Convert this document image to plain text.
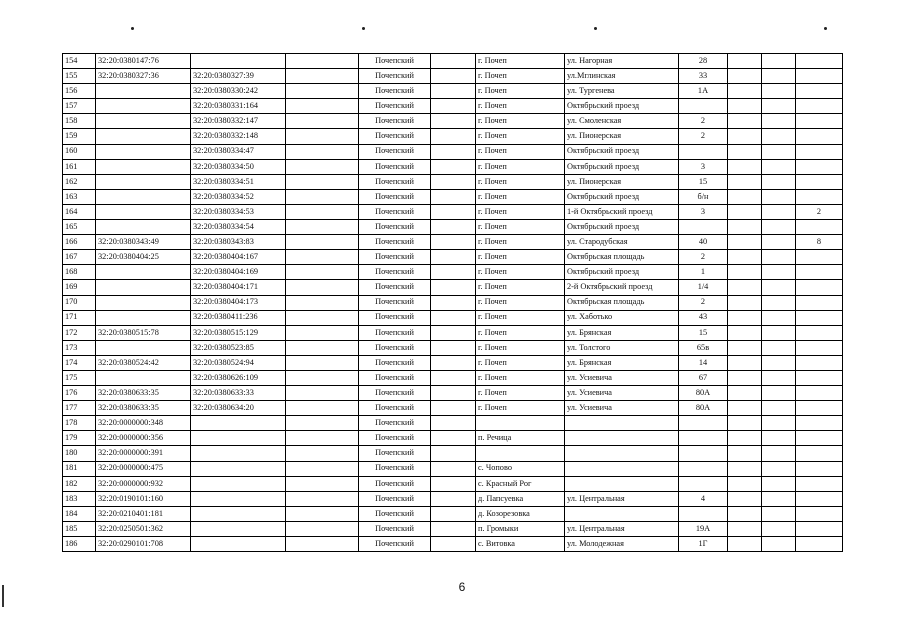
154	32:20:0380147:76			Почепский		г. Почеп	ул. Нагорная	28			
155	32:20:0380327:36	32:20:0380327:39		Почепский		г. Почеп	ул.Мглинская	33			
156		32:20:0380330:242		Почепский		г. Почеп	ул. Тургенева	1А			
157		32:20:0380331:164		Почепский		г. Почеп	Октябрьский проезд				
158		32:20:0380332:147		Почепский		г. Почеп	ул. Смоленская	2			
159		32:20:0380332:148		Почепский		г. Почеп	ул. Пионерская	2			
160		32:20:0380334:47		Почепский		г. Почеп	Октябрьский проезд				
161		32:20:0380334:50		Почепский		г. Почеп	Октябрьский проезд	3			
162		32:20:0380334:51		Почепский		г. Почеп	ул. Пионерская	15			
163		32:20:0380334:52		Почепский		г. Почеп	Октябрьский проезд	б/н			
164		32:20:0380334:53		Почепский		г. Почеп	1-й Октябрьский проезд	3			2
165		32:20:0380334:54		Почепский		г. Почеп	Октябрьский проезд				
166	32:20:0380343:49	32:20:0380343:83		Почепский		г. Почеп	ул. Стародубская	40			8
167	32:20:0380404:25	32:20:0380404:167		Почепский		г. Почеп	Октябрьская площадь	2			
168		32:20:0380404:169		Почепский		г. Почеп	Октябрьский проезд	1			
169		32:20:0380404:171		Почепский		г. Почеп	2-й Октябрьский проезд	1/4			
170		32:20:0380404:173		Почепский		г. Почеп	Октябрьская площадь	2			
171		32:20:0380411:236		Почепский		г. Почеп	ул. Хаботько	43			
172	32:20:0380515:78	32:20:0380515:129		Почепский		г. Почеп	ул. Брянская	15			
173		32:20:0380523:85		Почепский		г. Почеп	ул. Толстого	65в			
174	32:20:0380524:42	32:20:0380524:94		Почепский		г. Почеп	ул. Брянская	14			
175		32:20:0380626:109		Почепский		г. Почеп	ул. Усиевича	67			
176	32:20:0380633:35	32:20:0380633:33		Почепский		г. Почеп	ул. Усиевича	80А			
177	32:20:0380633:35	32:20:0380634:20		Почепский		г. Почеп	ул. Усиевича	80А			
178	32:20:0000000:348			Почепский							
179	32:20:0000000:356			Почепский		п. Речица					
180	32:20:0000000:391			Почепский							
181	32:20:0000000:475			Почепский		с. Чоповo					
182	32:20:0000000:932			Почепский		с. Красный Рог					
183	32:20:0190101:160			Почепский		д. Папсуевка	ул. Центральная	4			
184	32:20:0210401:181			Почепский		д. Козорезовка					
185	32:20:0250501:362			Почепский		п. Громыки	ул. Центральная	19А			
186	32:20:0290101:708			Почепский		с. Витовка	ул. Молодежная	1Г			
6
